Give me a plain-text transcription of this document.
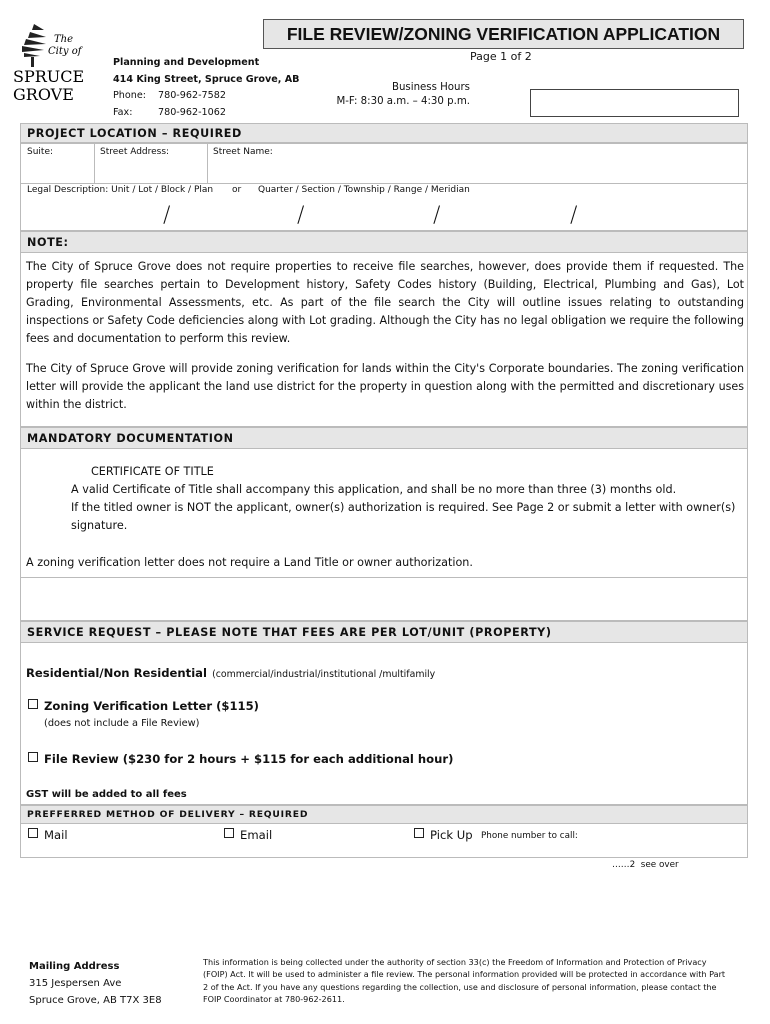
The
City of
SPRUCE
GROVE
FILE REVIEW/ZONING VERIFICATION APPLICATION
Page 1 of 2
Planning and Development
414 King Street, Spruce Grove, AB
Phone: 780-962-7582
Fax:	780-962-1062
Business Hours
M-F: 8:30 a.m. – 4:30 p.m.
PROJECT LOCATION – REQUIRED
Suite:	Street Address:	Street Name:
Legal Description: Unit / Lot / Block / Plan or Quarter / Section / Township / Range / Meridian
/	/	/	/
NOTE:
The City of Spruce Grove does not require properties to receive file searches, however, does provide them if requested. The property file searches pertain to Development history, Safety Codes history (Building, Electrical, Plumbing and Gas), Lot Grading, Environmental Assessments, etc. As part of the file search the City will outline issues relating to outstanding inspections or Safety Code deficiencies along with Lot grading. Although the City has no legal obligation we require the following fees and documentation to perform this review.
The City of Spruce Grove will provide zoning verification for lands within the City's Corporate boundaries. The zoning verification letter will provide the applicant the land use district for the property in question along with the permitted and discretionary uses within the district.
MANDATORY DOCUMENTATION
CERTIFICATE OF TITLE
A valid Certificate of Title shall accompany this application, and shall be no more than three (3) months old.
If the titled owner is NOT the applicant, owner(s) authorization is required. See Page 2 or submit a letter with owner(s)
signature.
A zoning verification letter does not require a Land Title or owner authorization.
SERVICE REQUEST – PLEASE NOTE THAT FEES ARE PER LOT/UNIT (PROPERTY)
Residential/Non Residential (commercial/industrial/institutional /multifamily
Zoning Verification Letter ($115)
(does not include a File Review)
File Review ($230 for 2 hours + $115 for each additional hour)
GST will be added to all fees
PREFFERRED METHOD OF DELIVERY – REQUIRED
Mail	Email	Pick Up Phone number to call:
……2 see over
Mailing Address
315 Jespersen Ave
Spruce Grove, AB T7X 3E8
This information is being collected under the authority of section 33(c) the Freedom of Information and Protection of Privacy (FOIP) Act. It will be used to administer a file review. The personal information provided will be protected in accordance with Part 2 of the Act. If you have any questions regarding the collection, use and disclosure of personal information, please contact the FOIP Coordinator at 780-962-2611.
